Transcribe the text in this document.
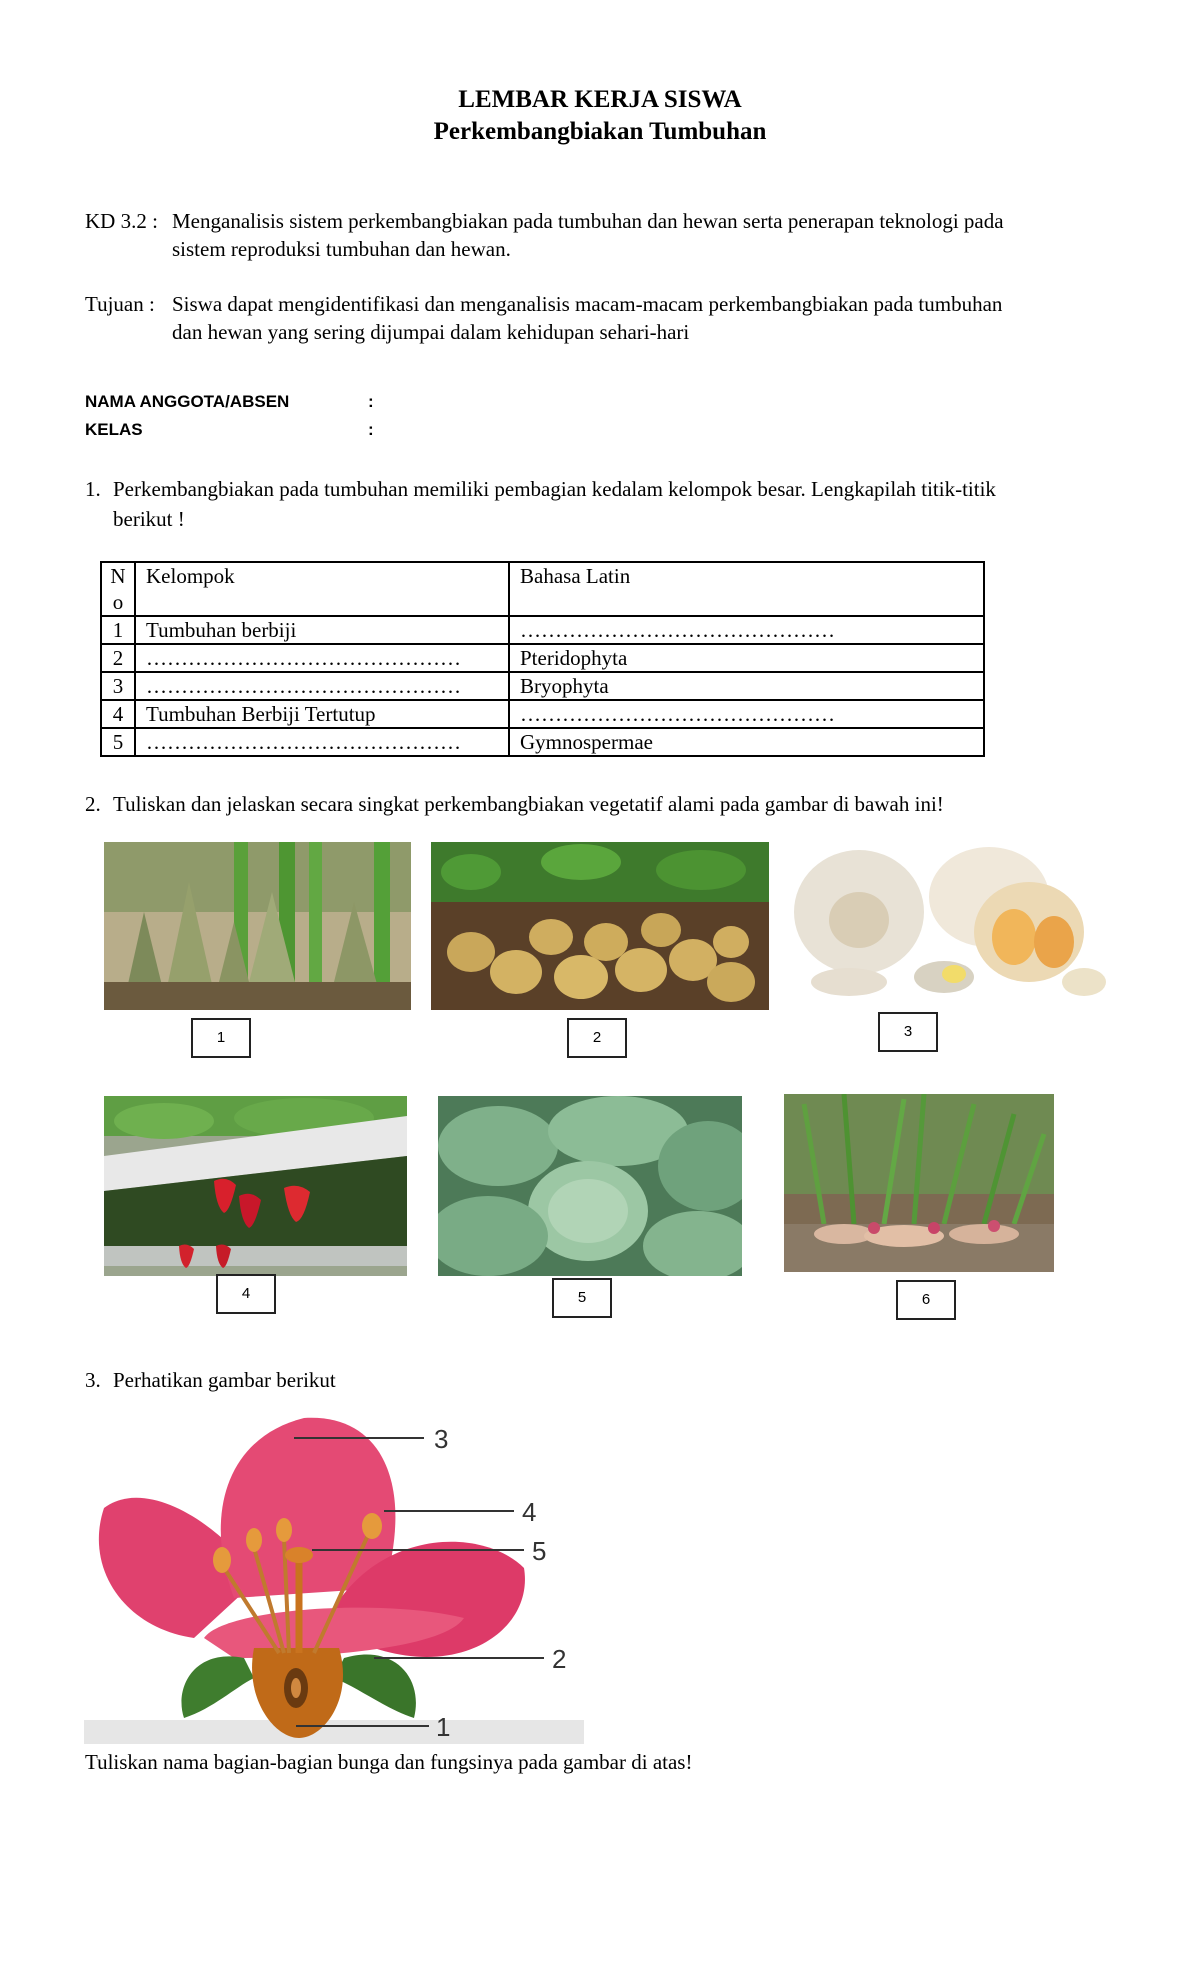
LEMBAR KERJA SISWA
Perkembangbiakan Tumbuhan
KD 3.2 : Menganalisis sistem perkembangbiakan pada tumbuhan dan hewan serta penerapan teknologi pada
sistem reproduksi tumbuhan dan hewan.
Tujuan : Siswa dapat mengidentifikasi dan menganalisis macam-macam perkembangbiakan pada tumbuhan
dan hewan yang sering dijumpai dalam kehidupan sehari-hari
NAMA ANGGOTA/ABSEN	:
KELAS	:
1. Perkembangbiakan pada tumbuhan memiliki pembagian kedalam kelompok besar. Lengkapilah titik-titik
berikut !
N
o	Kelompok	Bahasa Latin
1	Tumbuhan berbiji	………………………………………
2	………………………………………	Pteridophyta
3	………………………………………	Bryophyta
4	Tumbuhan Berbiji Tertutup	………………………………………
5	………………………………………	Gymnospermae
2. Tuliskan dan jelaskan secara singkat perkembangbiakan vegetatif alami pada gambar di bawah ini!
1	2	3
4	5	6
3. Perhatikan gambar berikut
3
4
5
2
1
Tuliskan nama bagian-bagian bunga dan fungsinya pada gambar di atas!
